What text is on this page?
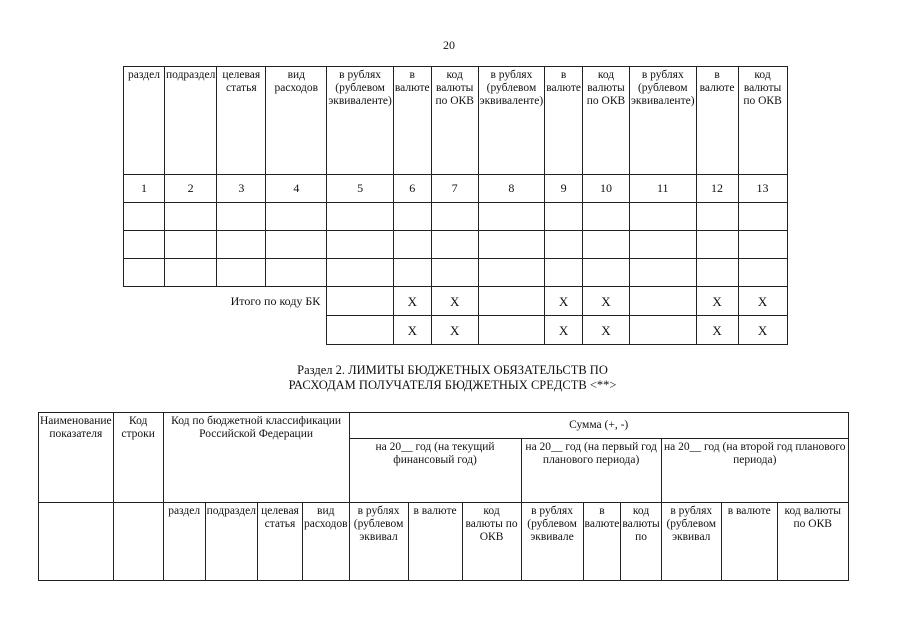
20
раздел	подраздел	целевая статья	вид расходов	в рублях (рублевом эквиваленте)	в валюте	код валюты по ОКВ	в рублях (рублевом эквиваленте)	в валюте	код валюты по ОКВ	в рублях (рублевом эквиваленте)	в валюте	код валюты по ОКВ
1	2	3	4	5	6	7	8	9	10	11	12	13

Итого по коду БК					X	X		X	X		X	X
					X	X		X	X		X	X
Раздел 2. ЛИМИТЫ БЮДЖЕТНЫХ ОБЯЗАТЕЛЬСТВ ПО
РАСХОДАМ ПОЛУЧАТЕЛЯ БЮДЖЕТНЫХ СРЕДСТВ <**>
Наименование показателя	Код строки	Код по бюджетной классификации Российской Федерации				Сумма (+, -)								
						на 20__ год (на текущий финансовый год)			на 20__ год (на первый год планового периода)			на 20__ год (на второй год планового периода)		
		раздел	подраздел	целевая статья	вид расходов	в рублях (рублевом эквивал	в валюте	код валюты по ОКВ	в рублях (рублевом эквивале	в валюте	код валюты по	в рублях (рублевом эквивал	в валюте	код валюты по ОКВ
